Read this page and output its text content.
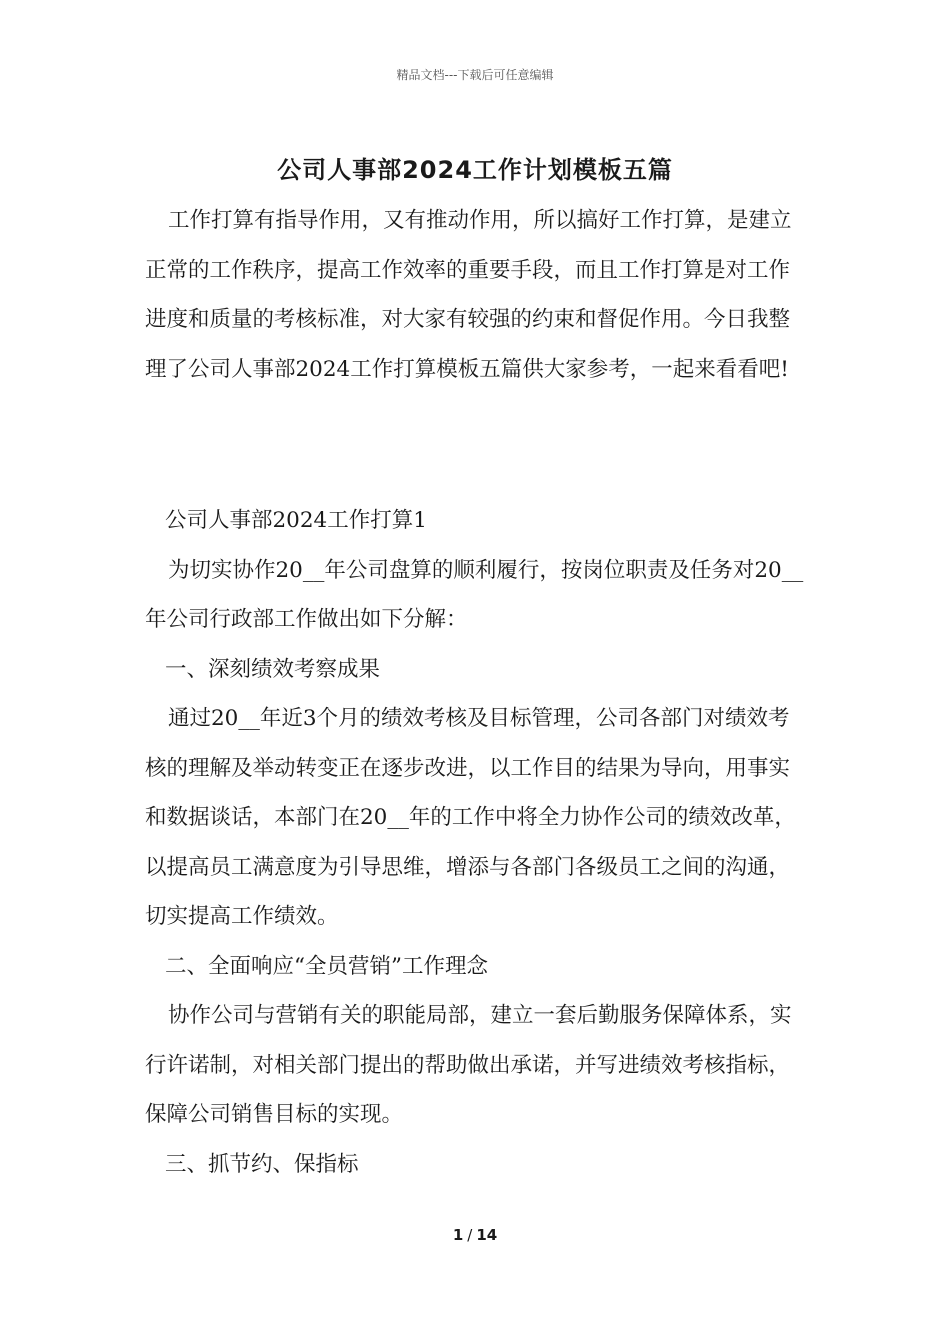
精品文档---下载后可任意编辑
公司人事部2024工作计划模板五篇

工作打算有指导作用，又有推动作用，所以搞好工作打算，是建立正常的工作秩序，提高工作效率的重要手段，而且工作打算是对工作进度和质量的考核标准，对大家有较强的约束和督促作用。今日我整理了公司人事部2024工作打算模板五篇供大家参考，一起来看看吧!

公司人事部2024工作打算1

为切实协作20__年公司盘算的顺利履行，按岗位职责及任务对20__年公司行政部工作做出如下分解：

一、深刻绩效考察成果

通过20__年近3个月的绩效考核及目标管理，公司各部门对绩效考核的理解及举动转变正在逐步改进，以工作目的结果为导向，用事实和数据谈话，本部门在20__年的工作中将全力协作公司的绩效改革，以提高员工满意度为引导思维，增添与各部门各级员工之间的沟通，切实提高工作绩效。

二、全面响应“全员营销”工作理念

协作公司与营销有关的职能局部，建立一套后勤服务保障体系，实行许诺制，对相关部门提出的帮助做出承诺，并写进绩效考核指标，保障公司销售目标的实现。

三、抓节约、保指标

1 / 14
